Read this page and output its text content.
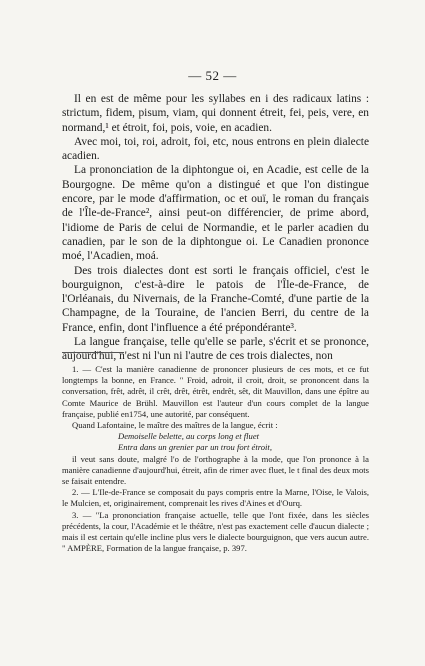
— 52 —

Il en est de même pour les syllabes en i des radicaux latins : strictum, fidem, pisum, viam, qui donnent étreit, fei, peis, vere, en normand,¹ et étroit, foi, pois, voie, en acadien.

Avec moi, toi, roi, adroit, foi, etc, nous entrons en plein dialecte acadien.

La prononciation de la diphtongue oi, en Acadie, est celle de la Bourgogne. De même qu'on a distingué et que l'on distingue encore, par le mode d'affirmation, oc et ouï, le roman du français de l'Île-de-France², ainsi peut-on différencier, de prime abord, l'idiome de Paris de celui de Normandie, et le parler acadien du canadien, par le son de la diphtongue oi. Le Canadien prononce moé, l'Acadien, moá.

Des trois dialectes dont est sorti le français officiel, c'est le bourguignon, c'est-à-dire le patois de l'Île-de-France, de l'Orléanais, du Nivernais, de la Franche-Comté, d'une partie de la Champagne, de la Touraine, de l'ancien Berri, du centre de la France, enfin, dont l'influence a été prépondérante³.

La langue française, telle qu'elle se parle, s'écrit et se prononce, aujourd'hui, n'est ni l'un ni l'autre de ces trois dialectes, non

1. — C'est la manière canadienne de prononcer plusieurs de ces mots, et ce fut longtemps la bonne, en France. " Froid, adroit, il croit, droit, se prononcent dans la conversation, frêt, adrêt, il crêt, drêt, étrêt, endrêt, sêt, dit Mauvillon, dans une épître au Comte Maurice de Brühl. Mauvillon est l'auteur d'un cours complet de la langue française, publié en1754, une autorité, par conséquent.

Quand Lafontaine, le maître des maîtres de la langue, écrit :

Demoiselle belette, au corps long et fluet

Entra dans un grenier par un trou fort étroit,

il veut sans doute, malgré l'o de l'orthographe à la mode, que l'on prononce à la manière canadienne d'aujourd'hui, étreit, afin de rimer avec fluet, le t final des deux mots se faisait entendre.

2. — L'Ile-de-France se composait du pays compris entre la Marne, l'Oise, le Valois, le Mulcien, et, originairement, comprenait les rives d'Aines et d'Ourq.

3. — "La prononciation française actuelle, telle que l'ont fixée, dans les siècles précédents, la cour, l'Académie et le théâtre, n'est pas exactement celle d'aucun dialecte ; mais il est certain qu'elle incline plus vers le dialecte bourguignon, que vers aucun autre. " AMPÈRE, Formation de la langue française, p. 397.
